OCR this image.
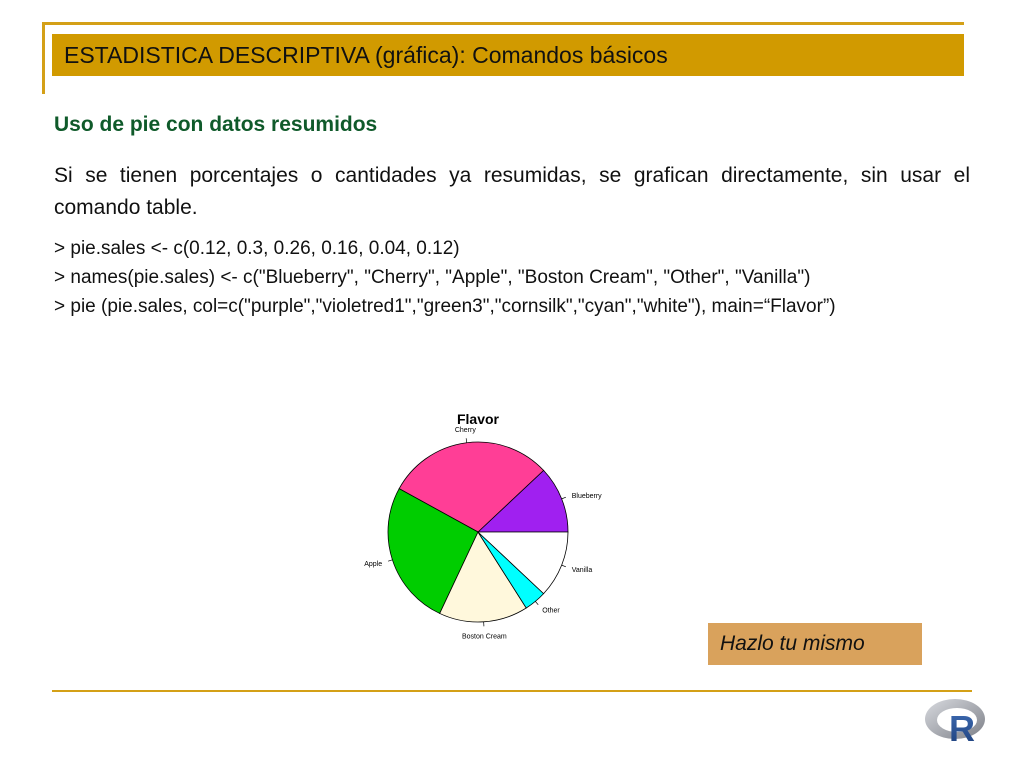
ESTADISTICA DESCRIPTIVA (gráfica): Comandos básicos
Uso de pie con datos resumidos
Si se tienen porcentajes o cantidades ya resumidas, se grafican directamente, sin usar el comando table.
> pie.sales <- c(0.12, 0.3, 0.26, 0.16, 0.04, 0.12)
> names(pie.sales) <- c("Blueberry", "Cherry", "Apple", "Boston Cream", "Other", "Vanilla")
> pie (pie.sales, col=c("purple","violetred1","green3","cornsilk","cyan","white"), main=“Flavor”)
Flavor
Blueberry
Cherry
Apple
Boston Cream
Other
Vanilla
Hazlo tu mismo
R
